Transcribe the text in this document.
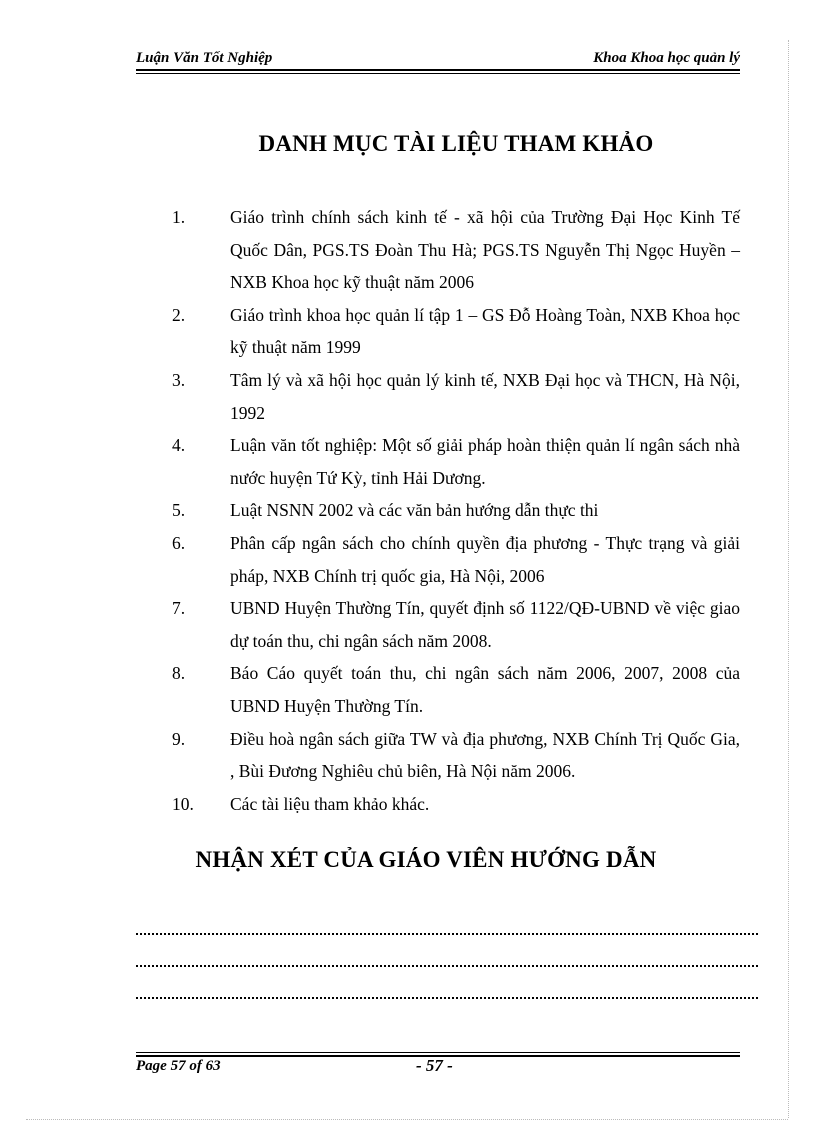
Luận Văn Tốt Nghiệp	Khoa Khoa học quản lý
DANH MỤC TÀI LIỆU THAM KHẢO
1.	Giáo trình chính sách kinh tế - xã hội của Trường Đại Học Kinh Tế Quốc Dân, PGS.TS Đoàn Thu Hà; PGS.TS Nguyễn Thị Ngọc Huyền – NXB Khoa học kỹ thuật năm 2006
2.	Giáo trình khoa học quản lí tập 1 – GS Đỗ Hoàng Toàn, NXB Khoa học kỹ thuật năm 1999
3.	Tâm lý và xã hội học quản lý kinh tế, NXB Đại học và THCN, Hà Nội, 1992
4.	Luận văn tốt nghiệp: Một số giải pháp hoàn thiện quản lí ngân sách nhà nước huyện Tứ Kỳ, tỉnh Hải Dương.
5.	Luật NSNN 2002 và các văn bản hướng dẫn thực thi
6.	Phân cấp ngân sách cho chính quyền địa phương - Thực trạng và giải pháp, NXB Chính trị quốc gia, Hà Nội, 2006
7.	UBND Huyện Thường Tín, quyết định số 1122/QĐ-UBND về việc giao dự toán thu, chi ngân sách năm 2008.
8.	Báo Cáo quyết toán thu, chi ngân sách năm 2006, 2007, 2008 của UBND Huyện Thường Tín.
9.	Điều hoà ngân sách giữa TW và địa phương, NXB Chính Trị Quốc Gia, , Bùi Đương Nghiêu chủ biên, Hà Nội năm 2006.
10.	Các tài liệu tham khảo khác.
NHẬN XÉT CỦA GIÁO VIÊN HƯỚNG DẪN
Page 57 of 63	- 57 -
